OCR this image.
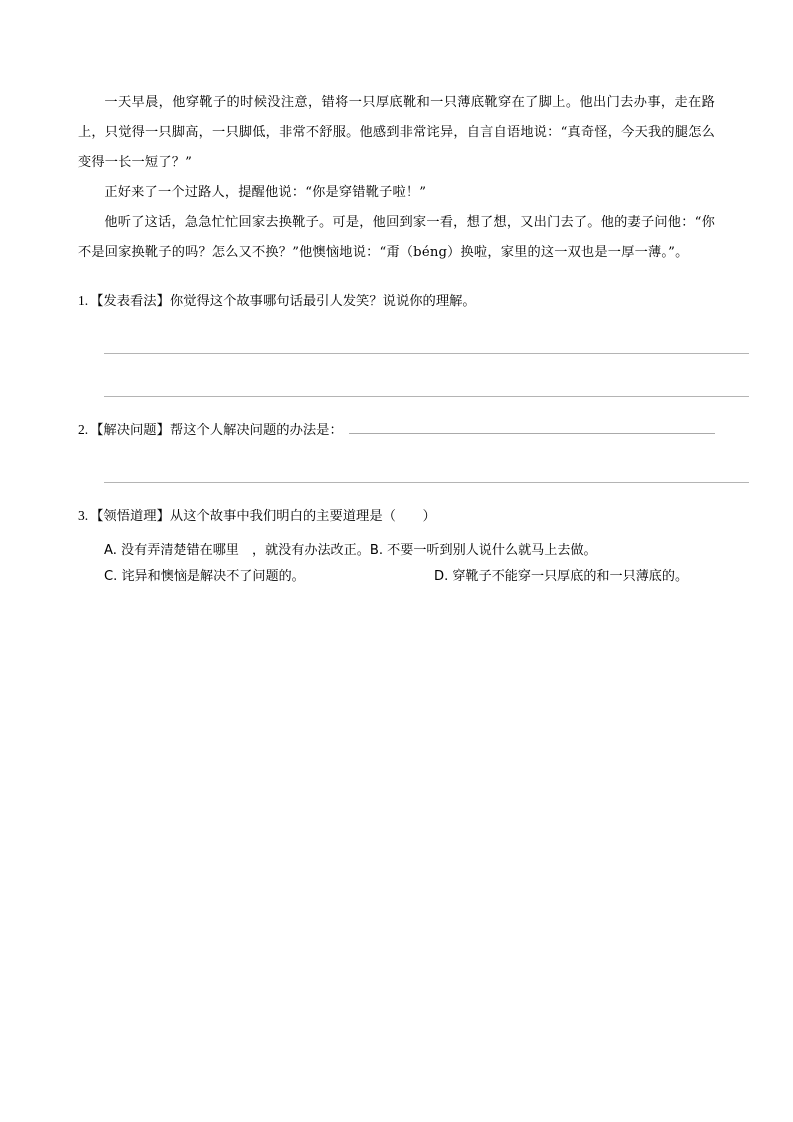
一天早晨，他穿靴子的时候没注意，错将一只厚底靴和一只薄底靴穿在了脚上。他出门去办事，走在路上，只觉得一只脚高，一只脚低，非常不舒服。他感到非常诧异，自言自语地说：“真奇怪，今天我的腿怎么变得一长一短了？”

正好来了一个过路人，提醒他说：“你是穿错靴子啦！”

他听了这话，急急忙忙回家去换靴子。可是，他回到家一看，想了想，又出门去了。他的妻子问他：“你不是回家换靴子的吗？怎么又不换？”他懊恼地说：“甭（béng）换啦，家里的这一双也是一厚一薄。”。

1. 【发表看法】你觉得这个故事哪句话最引人发笑？说说你的理解。
2. 【解决问题】帮这个人解决问题的办法是：
3. 【领悟道理】从这个故事中我们明白的主要道理是（　　）
A. 没有弄清楚错在哪里　，就没有办法改正。 B. 不要一听到别人说什么就马上去做。
C. 诧异和懊恼是解决不了问题的。	D. 穿靴子不能穿一只厚底的和一只薄底的。
